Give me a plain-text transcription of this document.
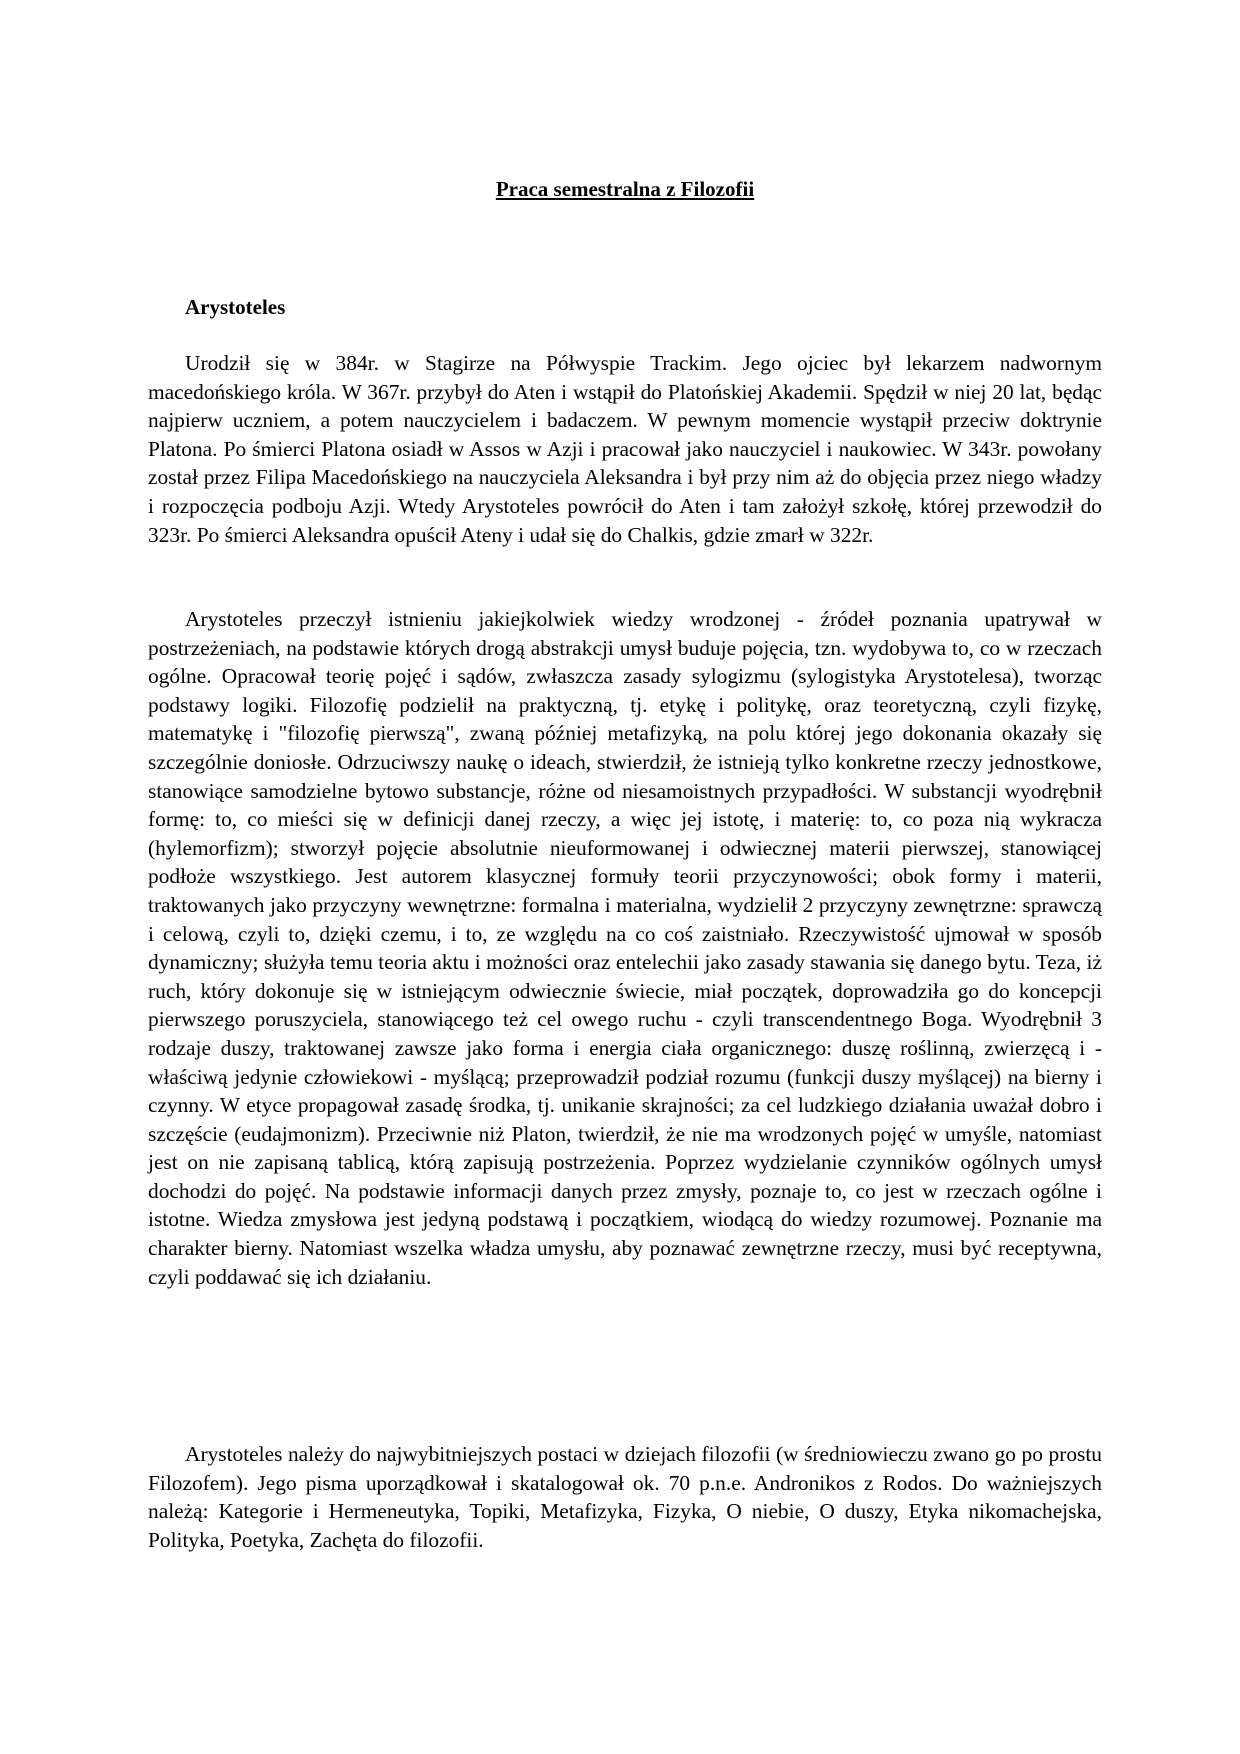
Praca semestralna z Filozofii
Arystoteles

Urodził się w 384r. w Stagirze na Półwyspie Trackim. Jego ojciec był lekarzem nadwornym macedońskiego króla. W 367r. przybył do Aten i wstąpił do Platońskiej Akademii. Spędził w niej 20 lat, będąc najpierw uczniem, a potem nauczycielem i badaczem. W pewnym momencie wystąpił przeciw doktrynie Platona. Po śmierci Platona osiadł w Assos w Azji i pracował jako nauczyciel i naukowiec. W 343r. powołany został przez Filipa Macedońskiego na nauczyciela Aleksandra i był przy nim aż do objęcia przez niego władzy i rozpoczęcia podboju Azji. Wtedy Arystoteles powrócił do Aten i tam założył szkołę, której przewodził do 323r. Po śmierci Aleksandra opuścił Ateny i udał się do Chalkis, gdzie zmarł w 322r.

Arystoteles przeczył istnieniu jakiejkolwiek wiedzy wrodzonej - źródeł poznania upatrywał w postrzeżeniach, na podstawie których drogą abstrakcji umysł buduje pojęcia, tzn. wydobywa to, co w rzeczach ogólne. Opracował teorię pojęć i sądów, zwłaszcza zasady sylogizmu (sylogistyka Arystotelesa), tworząc podstawy logiki. Filozofię podzielił na praktyczną, tj. etykę i politykę, oraz teoretyczną, czyli fizykę, matematykę i "filozofię pierwszą", zwaną później metafizyką, na polu której jego dokonania okazały się szczególnie doniosłe. Odrzuciwszy naukę o ideach, stwierdził, że istnieją tylko konkretne rzeczy jednostkowe, stanowiące samodzielne bytowo substancje, różne od niesamoistnych przypadłości. W substancji wyodrębnił formę: to, co mieści się w definicji danej rzeczy, a więc jej istotę, i materię: to, co poza nią wykracza (hylemorfizm); stworzył pojęcie absolutnie nieuformowanej i odwiecznej materii pierwszej, stanowiącej podłoże wszystkiego. Jest autorem klasycznej formuły teorii przyczynowości; obok formy i materii, traktowanych jako przyczyny wewnętrzne: formalna i materialna, wydzielił 2 przyczyny zewnętrzne: sprawczą i celową, czyli to, dzięki czemu, i to, ze względu na co coś zaistniało. Rzeczywistość ujmował w sposób dynamiczny; służyła temu teoria aktu i możności oraz entelechii jako zasady stawania się danego bytu. Teza, iż ruch, który dokonuje się w istniejącym odwiecznie świecie, miał początek, doprowadziła go do koncepcji pierwszego poruszyciela, stanowiącego też cel owego ruchu - czyli transcendentnego Boga. Wyodrębnił 3 rodzaje duszy, traktowanej zawsze jako forma i energia ciała organicznego: duszę roślinną, zwierzęcą i - właściwą jedynie człowiekowi - myślącą; przeprowadził podział rozumu (funkcji duszy myślącej) na bierny i czynny. W etyce propagował zasadę środka, tj. unikanie skrajności; za cel ludzkiego działania uważał dobro i szczęście (eudajmonizm). Przeciwnie niż Platon, twierdził, że nie ma wrodzonych pojęć w umyśle, natomiast jest on nie zapisaną tablicą, którą zapisują postrzeżenia. Poprzez wydzielanie czynników ogólnych umysł dochodzi do pojęć. Na podstawie informacji danych przez zmysły, poznaje to, co jest w rzeczach ogólne i istotne. Wiedza zmysłowa jest jedyną podstawą i początkiem, wiodącą do wiedzy rozumowej. Poznanie ma charakter bierny. Natomiast wszelka władza umysłu, aby poznawać zewnętrzne rzeczy, musi być receptywna, czyli poddawać się ich działaniu.

Arystoteles należy do najwybitniejszych postaci w dziejach filozofii (w średniowieczu zwano go po prostu Filozofem). Jego pisma uporządkował i skatalogował ok. 70 p.n.e. Andronikos z Rodos. Do ważniejszych należą: Kategorie i Hermeneutyka, Topiki, Metafizyka, Fizyka, O niebie, O duszy, Etyka nikomachejska, Polityka, Poetyka, Zachęta do filozofii.
